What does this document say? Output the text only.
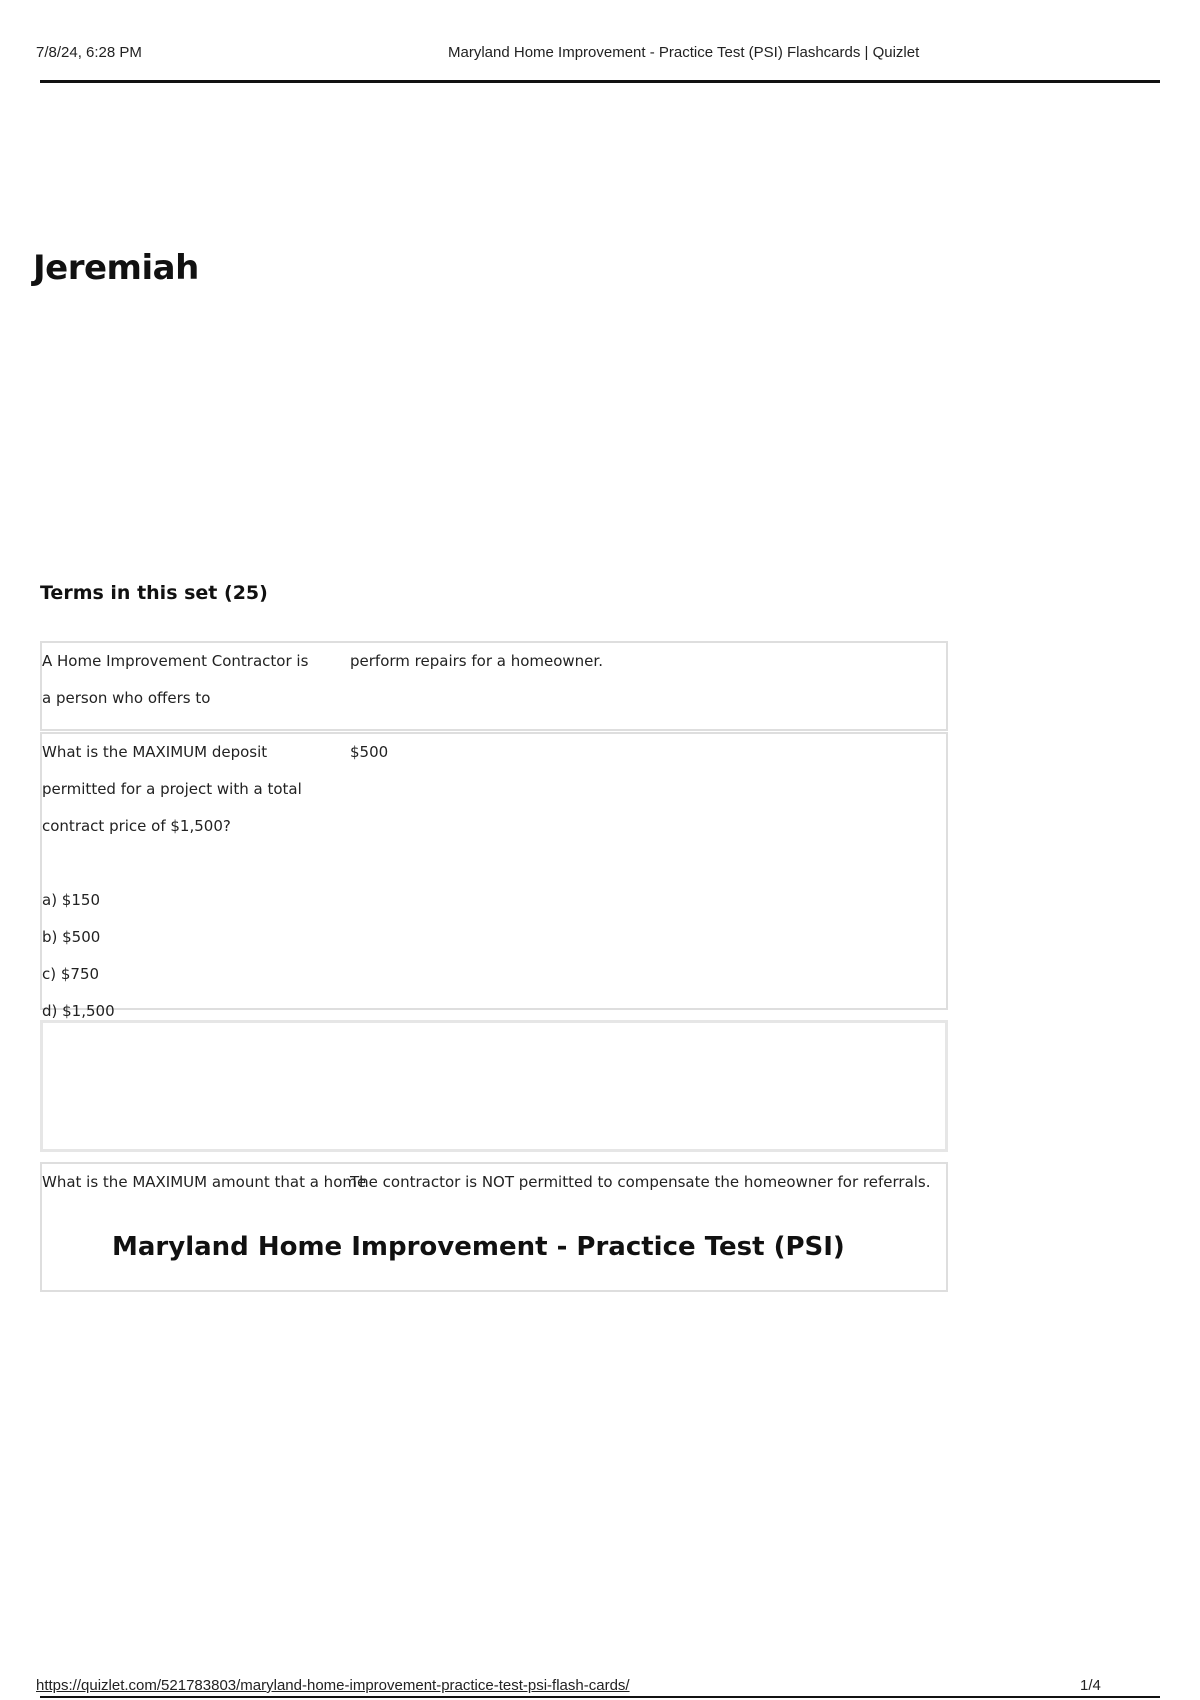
7/8/24, 6:28 PM	Maryland Home Improvement - Practice Test (PSI) Flashcards | Quizlet
Jeremiah
Terms in this set (25)
A Home Improvement Contractor is a person who offers to
perform repairs for a homeowner.
What is the MAXIMUM deposit permitted for a project with a total contract price of $1,500?

a) $150
b) $500
c) $750
d) $1,500
$500
What is the MAXIMUM amount that a home
The contractor is NOT permitted to compensate the homeowner for referrals.
Maryland Home Improvement - Practice Test (PSI)
https://quizlet.com/521783803/maryland-home-improvement-practice-test-psi-flash-cards/	1/4
